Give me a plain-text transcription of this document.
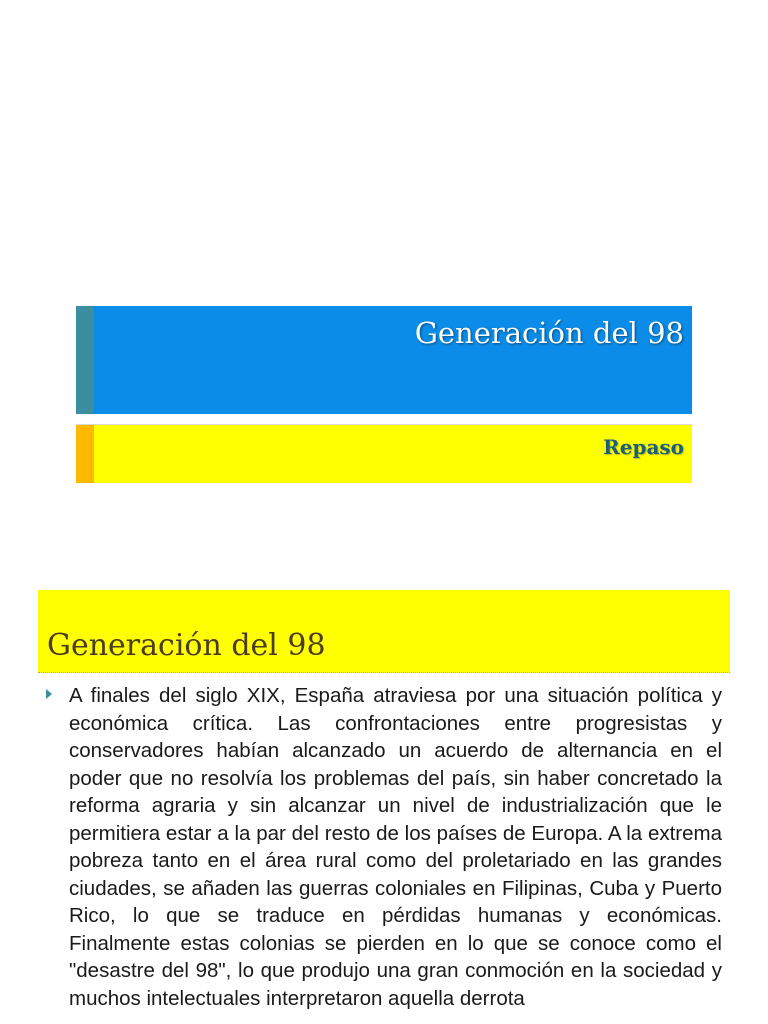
Generación del 98
Repaso
Generación del 98

A finales del siglo XIX, España atraviesa por una situación política y económica crítica. Las confrontaciones entre progresistas y conservadores habían alcanzado un acuerdo de alternancia en el poder que no resolvía los problemas del país, sin haber concretado la reforma agraria y sin alcanzar un nivel de industrialización que le permitiera estar a la par del resto de los países de Europa. A la extrema pobreza tanto en el área rural como del proletariado en las grandes ciudades, se añaden las guerras coloniales en Filipinas, Cuba y Puerto Rico, lo que se traduce en pérdidas humanas y económicas. Finalmente estas colonias se pierden en lo que se conoce como el "desastre del 98", lo que produjo una gran conmoción en la sociedad y muchos intelectuales interpretaron aquella derrota
